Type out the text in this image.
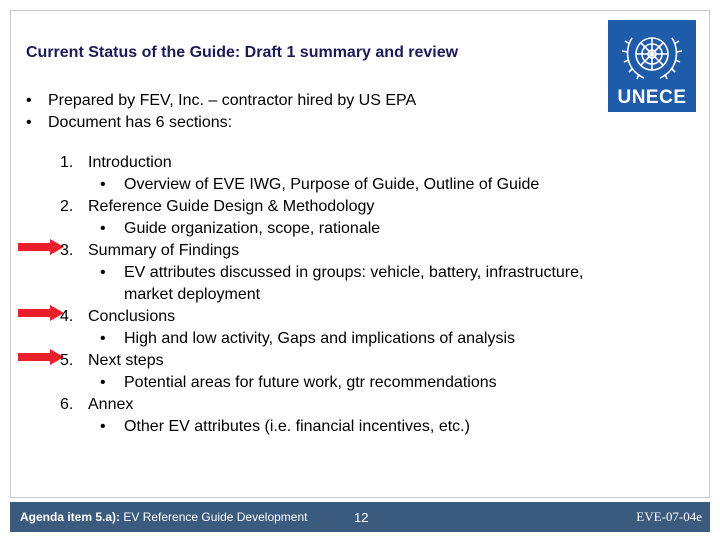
Current Status of the Guide: Draft 1 summary and review
UNECE
• Prepared by FEV, Inc. – contractor hired by US EPA
• Document has 6 sections:
1. Introduction
• Overview of EVE IWG, Purpose of Guide, Outline of Guide
2. Reference Guide Design & Methodology
• Guide organization, scope, rationale
3. Summary of Findings
• EV attributes discussed in groups: vehicle, battery, infrastructure,
market deployment
4. Conclusions
• High and low activity, Gaps and implications of analysis
5. Next steps
• Potential areas for future work, gtr recommendations
6. Annex
• Other EV attributes (i.e. financial incentives, etc.)
Agenda item 5.a): EV Reference Guide Development	12	EVE-07-04e
